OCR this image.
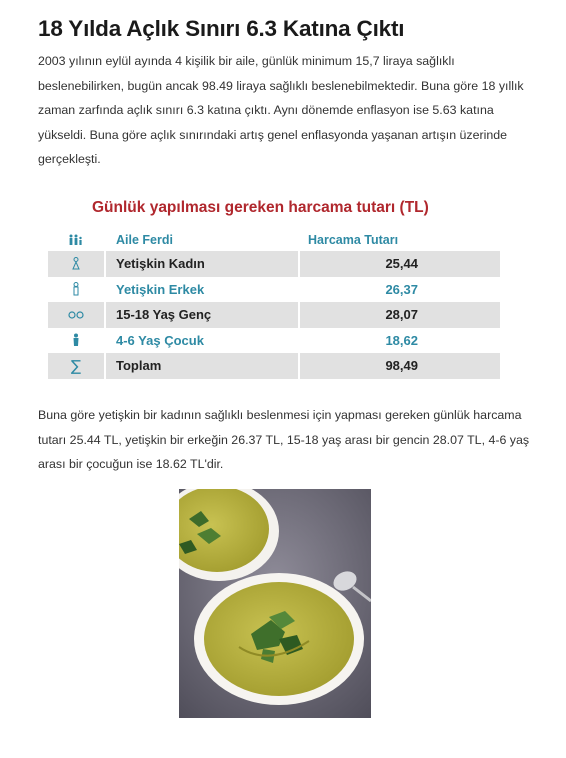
18 Yılda Açlık Sınırı 6.3 Katına Çıktı

2003 yılının eylül ayında 4 kişilik bir aile, günlük minimum 15,7 liraya sağlıklı beslenebilirken, bugün ancak 98.49 liraya sağlıklı beslenebilmektedir. Buna göre 18 yıllık zaman zarfında açlık sınırı 6.3 katına çıktı. Aynı dönemde enflasyon ise 5.63 katına yükseldi. Buna göre açlık sınırındaki artış genel enflasyonda yaşanan artışın üzerinde gerçekleşti.

Günlük yapılması gereken harcama tutarı (TL)
Aile Ferdi	Harcama Tutarı
Yetişkin Kadın	25,44
Yetişkin Erkek	26,37
15-18 Yaş Genç	28,07
4-6 Yaş Çocuk	18,62
∑	Toplam	98,49

Buna göre yetişkin bir kadının sağlıklı beslenmesi için yapması gereken günlük harcama tutarı 25.44 TL, yetişkin bir erkeğin 26.37 TL, 15-18 yaş arası bir gencin 28.07 TL, 4-6 yaş arası bir çocuğun ise 18.62 TL'dir.
